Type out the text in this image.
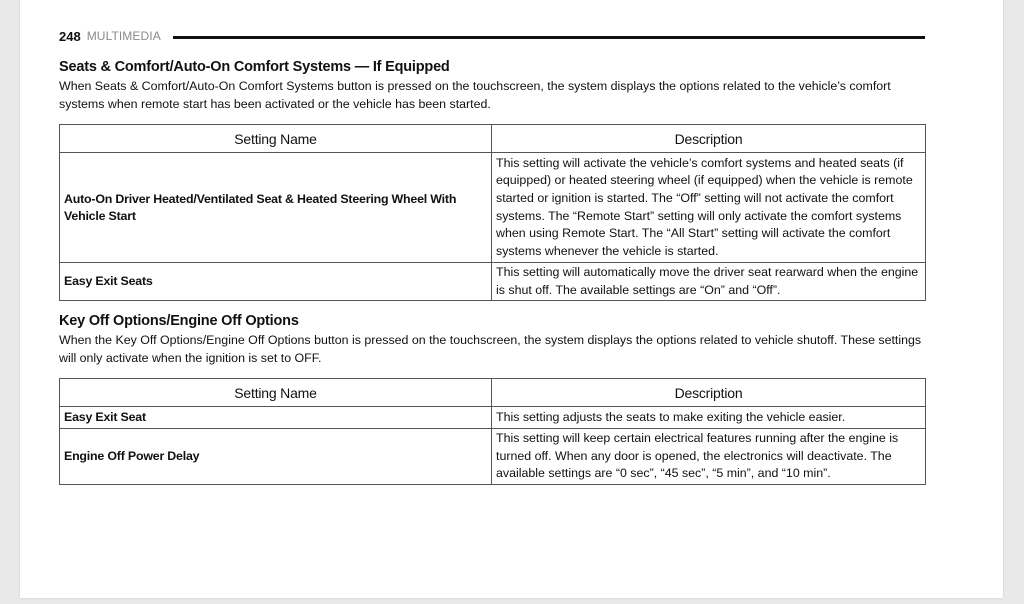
248 MULTIMEDIA
Seats & Comfort/Auto-On Comfort Systems — If Equipped

When Seats & Comfort/Auto-On Comfort Systems button is pressed on the touchscreen, the system displays the options related to the vehicle’s comfort systems when remote start has been activated or the vehicle has been started.

Setting Name	Description
Auto-On Driver Heated/Ventilated Seat & Heated Steering Wheel With Vehicle Start	This setting will activate the vehicle’s comfort systems and heated seats (if equipped) or heated steering wheel (if equipped) when the vehicle is remote started or ignition is started. The “Off” setting will not activate the comfort systems. The “Remote Start” setting will only activate the comfort systems when using Remote Start. The “All Start” setting will activate the comfort systems whenever the vehicle is started.
Easy Exit Seats	This setting will automatically move the driver seat rearward when the engine is shut off. The available settings are “On” and “Off”.
Key Off Options/Engine Off Options

When the Key Off Options/Engine Off Options button is pressed on the touchscreen, the system displays the options related to vehicle shutoff. These settings will only activate when the ignition is set to OFF.

Setting Name	Description
Easy Exit Seat	This setting adjusts the seats to make exiting the vehicle easier.
Engine Off Power Delay	This setting will keep certain electrical features running after the engine is turned off. When any door is opened, the electronics will deactivate. The available settings are “0 sec”, “45 sec”, “5 min”, and “10 min”.
